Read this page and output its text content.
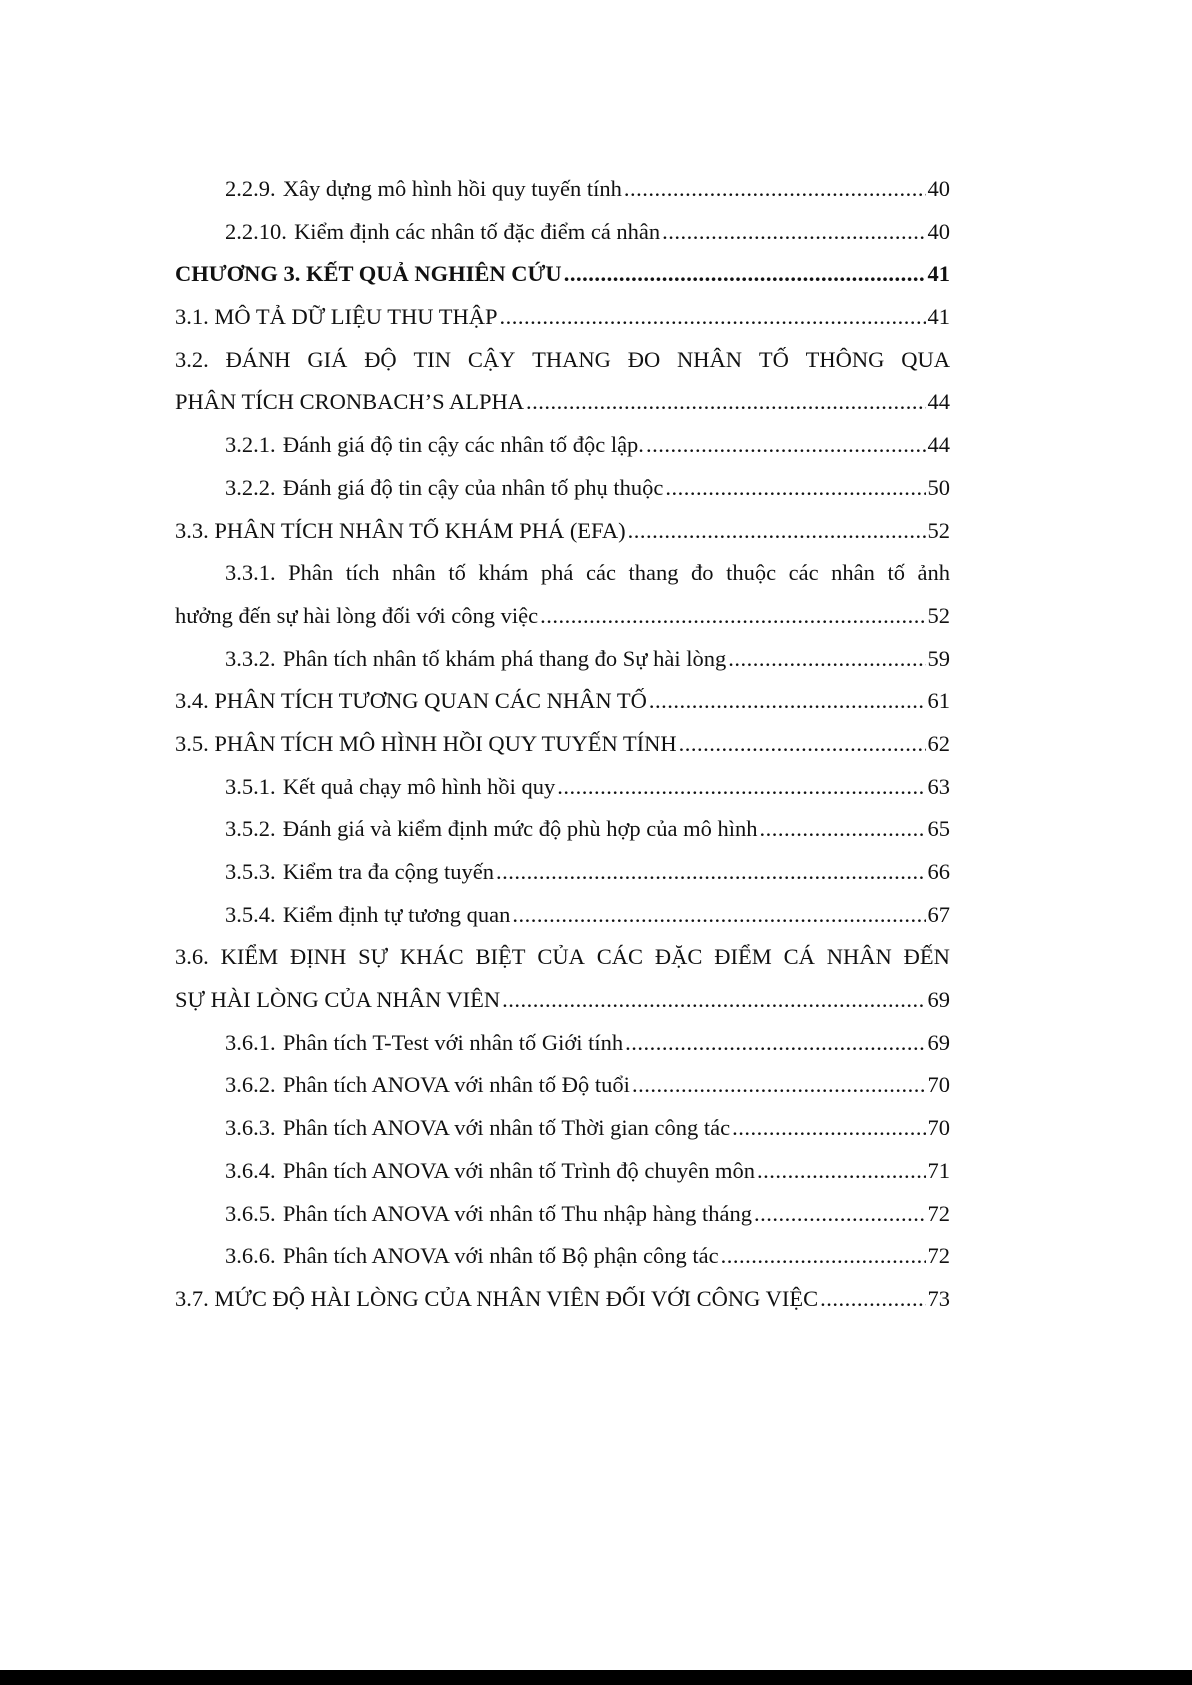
2.2.9. Xây dựng mô hình hồi quy tuyến tính .....	40
2.2.10. Kiểm định các nhân tố đặc điểm cá nhân .....	40
CHƯƠNG 3. KẾT QUẢ NGHIÊN CỨU .....	41
3.1. MÔ TẢ DỮ LIỆU THU THẬP .....	41
3.2. ĐÁNH GIÁ ĐỘ TIN CẬY THANG ĐO NHÂN TỐ THÔNG QUA
PHÂN TÍCH CRONBACH’S ALPHA .....	44
3.2.1. Đánh giá độ tin cậy các nhân tố độc lập. .....	44
3.2.2. Đánh giá độ tin cậy của nhân tố phụ thuộc .....	50
3.3. PHÂN TÍCH NHÂN TỐ KHÁM PHÁ (EFA) .....	52
3.3.1. Phân tích nhân tố khám phá các thang đo thuộc các nhân tố ảnh
hưởng đến sự hài lòng đối với công việc .....	52
3.3.2. Phân tích nhân tố khám phá thang đo Sự hài lòng .....	59
3.4. PHÂN TÍCH TƯƠNG QUAN CÁC NHÂN TỐ .....	61
3.5. PHÂN TÍCH MÔ HÌNH HỒI QUY TUYẾN TÍNH .....	62
3.5.1. Kết quả chạy mô hình hồi quy .....	63
3.5.2. Đánh giá và kiểm định mức độ phù hợp của mô hình .....	65
3.5.3. Kiểm tra đa cộng tuyến .....	66
3.5.4. Kiểm định tự tương quan .....	67
3.6. KIỂM ĐỊNH SỰ KHÁC BIỆT CỦA CÁC ĐẶC ĐIỂM CÁ NHÂN ĐẾN
SỰ HÀI LÒNG CỦA NHÂN VIÊN .....	69
3.6.1. Phân tích T-Test với nhân tố Giới tính .....	69
3.6.2. Phân tích ANOVA với nhân tố Độ tuổi .....	70
3.6.3. Phân tích ANOVA với nhân tố Thời gian công tác .....	70
3.6.4. Phân tích ANOVA với nhân tố Trình độ chuyên môn .....	71
3.6.5. Phân tích ANOVA với nhân tố Thu nhập hàng tháng .....	72
3.6.6. Phân tích ANOVA với nhân tố Bộ phận công tác .....	72
3.7. MỨC ĐỘ HÀI LÒNG CỦA NHÂN VIÊN ĐỐI VỚI CÔNG VIỆC .....	73
